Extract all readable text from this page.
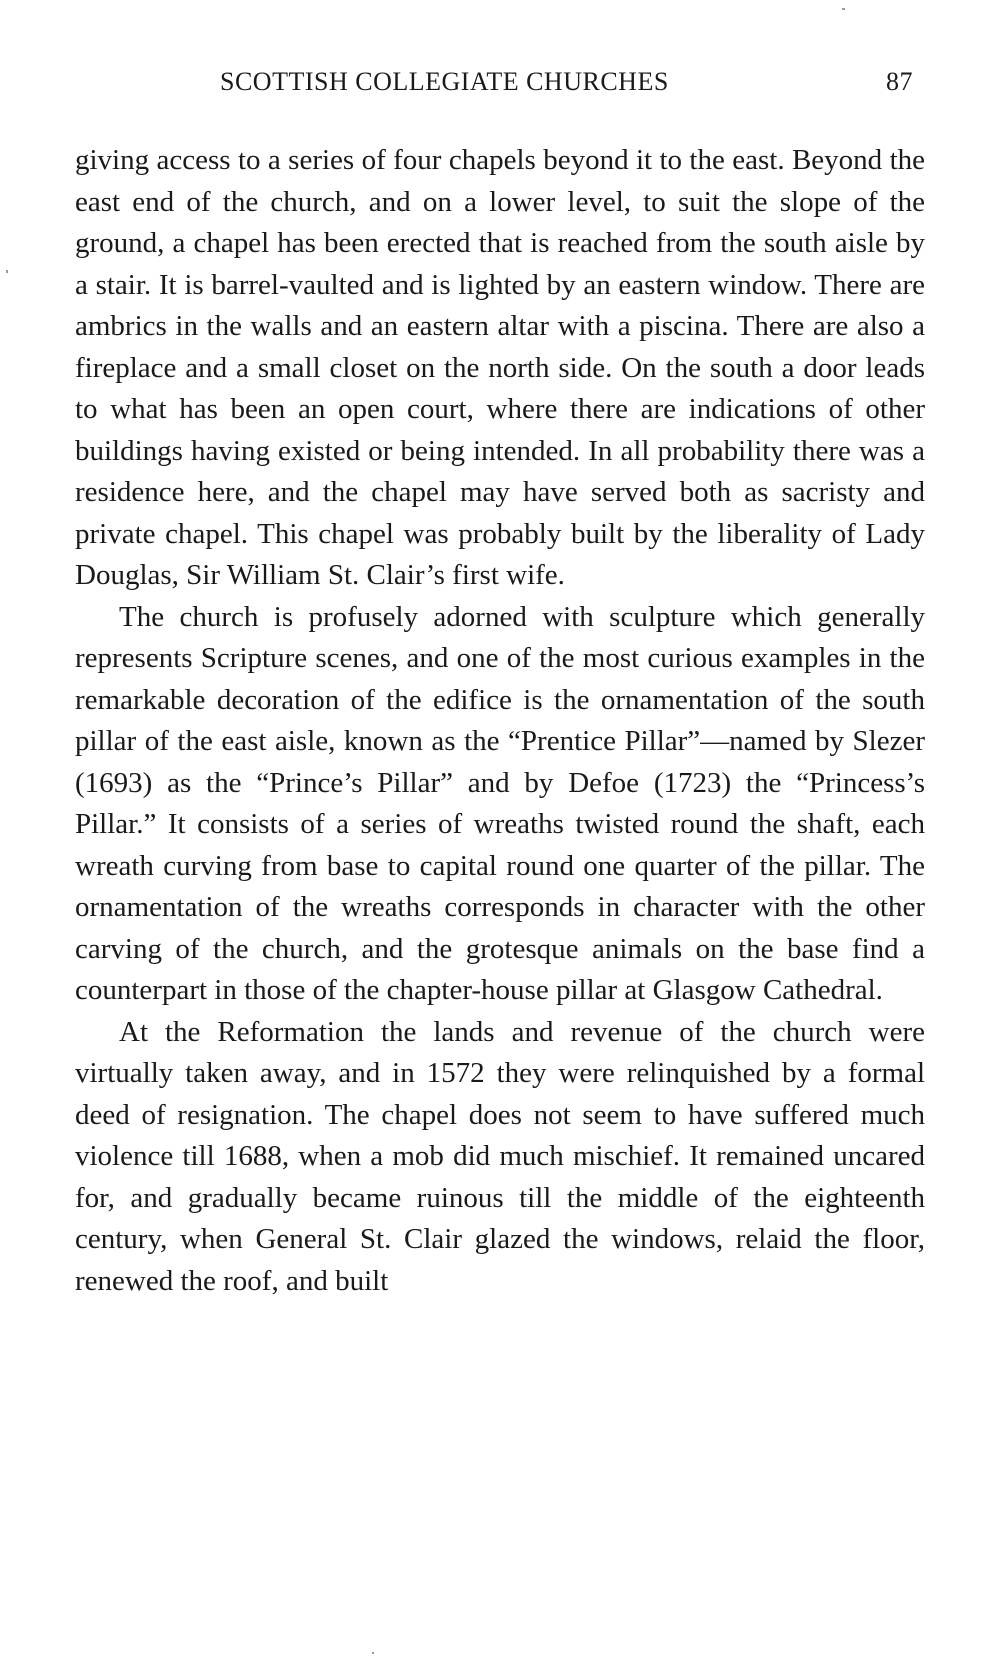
SCOTTISH COLLEGIATE CHURCHES	87

giving access to a series of four chapels beyond it to the east. Beyond the east end of the church, and on a lower level, to suit the slope of the ground, a chapel has been erected that is reached from the south aisle by a stair. It is barrel-vaulted and is lighted by an eastern window. There are ambrics in the walls and an eastern altar with a piscina. There are also a fireplace and a small closet on the north side. On the south a door leads to what has been an open court, where there are indications of other buildings having existed or being intended. In all probability there was a residence here, and the chapel may have served both as sacristy and private chapel. This chapel was probably built by the liberality of Lady Douglas, Sir William St. Clair’s first wife.

The church is profusely adorned with sculpture which generally represents Scripture scenes, and one of the most curious examples in the remarkable decoration of the edifice is the ornamentation of the south pillar of the east aisle, known as the “Prentice Pillar”—named by Slezer (1693) as the “Prince’s Pillar” and by Defoe (1723) the “Princess’s Pillar.” It consists of a series of wreaths twisted round the shaft, each wreath curving from base to capital round one quarter of the pillar. The ornamentation of the wreaths corresponds in character with the other carving of the church, and the grotesque animals on the base find a counterpart in those of the chapter-house pillar at Glasgow Cathedral.

At the Reformation the lands and revenue of the church were virtually taken away, and in 1572 they were relinquished by a formal deed of resignation. The chapel does not seem to have suffered much violence till 1688, when a mob did much mischief. It remained uncared for, and gradually became ruinous till the middle of the eighteenth century, when General St. Clair glazed the windows, relaid the floor, renewed the roof, and built
